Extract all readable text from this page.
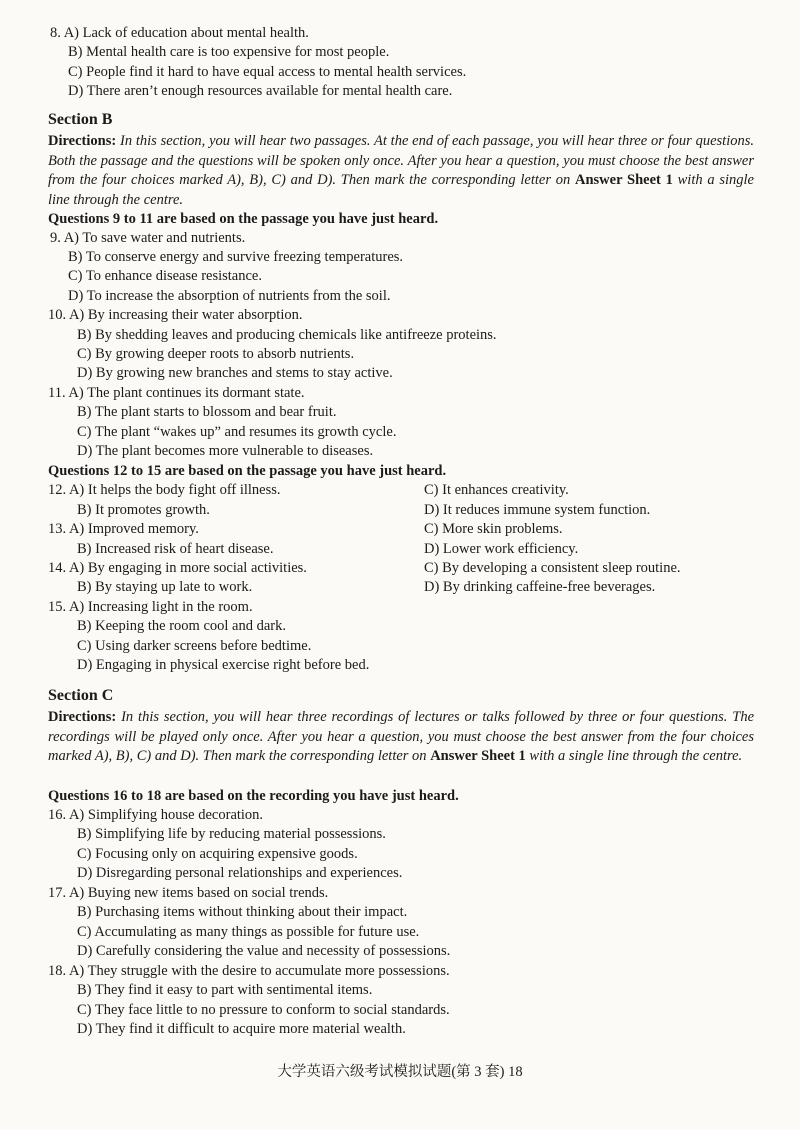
8. A) Lack of education about mental health.
B) Mental health care is too expensive for most people.
C) People find it hard to have equal access to mental health services.
D) There aren’t enough resources available for mental health care.
Section B
Directions: In this section, you will hear two passages. At the end of each passage, you will hear three or four questions. Both the passage and the questions will be spoken only once. After you hear a question, you must choose the best answer from the four choices marked A), B), C) and D). Then mark the corresponding letter on Answer Sheet 1 with a single line through the centre.
Questions 9 to 11 are based on the passage you have just heard.
9. A) To save water and nutrients.
B) To conserve energy and survive freezing temperatures.
C) To enhance disease resistance.
D) To increase the absorption of nutrients from the soil.
10. A) By increasing their water absorption.
B) By shedding leaves and producing chemicals like antifreeze proteins.
C) By growing deeper roots to absorb nutrients.
D) By growing new branches and stems to stay active.
11. A) The plant continues its dormant state.
B) The plant starts to blossom and bear fruit.
C) The plant “wakes up” and resumes its growth cycle.
D) The plant becomes more vulnerable to diseases.
Questions 12 to 15 are based on the passage you have just heard.
12. A) It helps the body fight off illness.	C) It enhances creativity.
B) It promotes growth.	D) It reduces immune system function.
13. A) Improved memory.	C) More skin problems.
B) Increased risk of heart disease.	D) Lower work efficiency.
14. A) By engaging in more social activities.	C) By developing a consistent sleep routine.
B) By staying up late to work.	D) By drinking caffeine-free beverages.
15. A) Increasing light in the room.
B) Keeping the room cool and dark.
C) Using darker screens before bedtime.
D) Engaging in physical exercise right before bed.
Section C
Directions: In this section, you will hear three recordings of lectures or talks followed by three or four questions. The recordings will be played only once. After you hear a question, you must choose the best answer from the four choices marked A), B), C) and D). Then mark the corresponding letter on Answer Sheet 1 with a single line through the centre.
Questions 16 to 18 are based on the recording you have just heard.
16. A) Simplifying house decoration.
B) Simplifying life by reducing material possessions.
C) Focusing only on acquiring expensive goods.
D) Disregarding personal relationships and experiences.
17. A) Buying new items based on social trends.
B) Purchasing items without thinking about their impact.
C) Accumulating as many things as possible for future use.
D) Carefully considering the value and necessity of possessions.
18. A) They struggle with the desire to accumulate more possessions.
B) They find it easy to part with sentimental items.
C) They face little to no pressure to conform to social standards.
D) They find it difficult to acquire more material wealth.
大学英语六级考试模拟试题(第 3 套) 18
